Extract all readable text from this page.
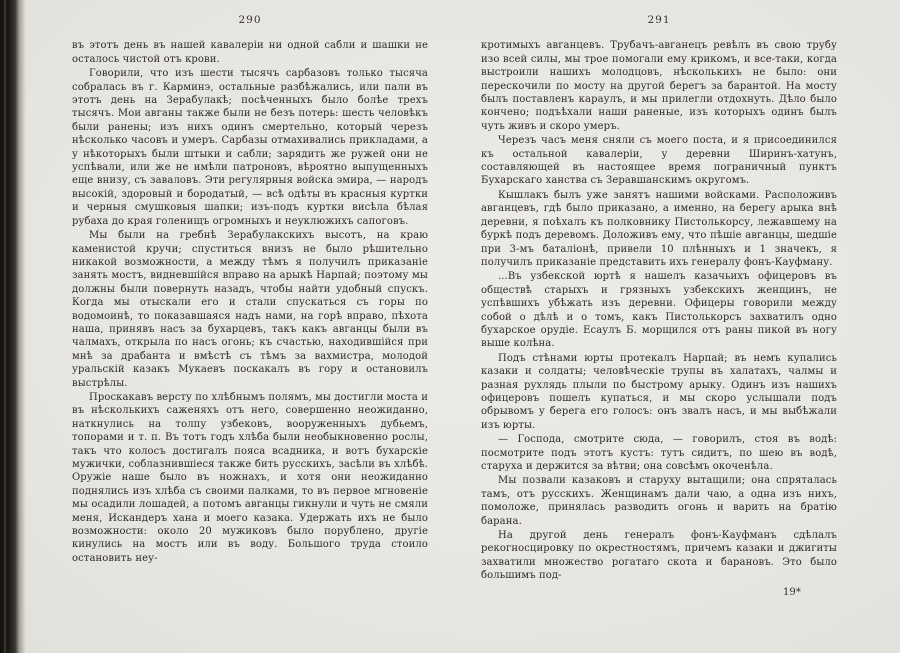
290

въ этотъ день въ нашей кавалеріи ни одной сабли и шашки не осталось чистой отъ крови.

Говорили, что изъ шести тысячъ сарбазовъ только тысяча собралась въ г. Карминэ, остальные разбѣжались, или пали въ этотъ день на Зерабулакѣ; посѣченныхъ было болѣе трехъ тысячъ. Мои авганы также были не безъ потерь: шесть человѣкъ были ранены; изъ нихъ одинъ смертельно, который черезъ нѣсколько часовъ и умеръ. Сарбазы отмахивались прикладами, а у нѣкоторыхъ были штыки и сабли; зарядить же ружей они не успѣвали, или же не имѣли патроновъ, вѣроятно выпущенныхъ еще внизу, съ заваловъ. Эти регулярныя войска эмира, — народъ высокій, здоровый и бородатый, — всѣ одѣты въ красныя куртки и черныя смушковыя шапки; изъ-подъ куртки висѣла бѣлая рубаха до края голенищъ огромныхъ и неуклюжихъ сапоговъ.

Мы были на гребнѣ Зерабулакскихъ высотъ, на краю каменистой кручи; спуститься внизъ не было рѣшительно никакой возможности, а между тѣмъ я получилъ приказаніе занять мостъ, видневшійся вправо на арыкѣ Нарпай; поэтому мы должны были повернуть назадъ, чтобы найти удобный спускъ. Когда мы отыскали его и стали спускаться съ горы по водомоинѣ, то показавшаяся надъ нами, на горѣ вправо, пѣхота наша, принявъ насъ за бухарцевъ, такъ какъ авганцы были въ чалмахъ, открыла по насъ огонь; къ счастью, находившійся при мнѣ за драбанта и вмѣстѣ съ тѣмъ за вахмистра, молодой уральскій казакъ Мукаевъ поскакалъ въ гору и остановилъ выстрѣлы.

Проскакавъ версту по хлѣбнымъ полямъ, мы достигли моста и въ нѣсколькихъ саженяхъ отъ него, совершенно неожиданно, наткнулись на толпу узбековъ, вооруженныхъ дубьемъ, топорами и т. п. Въ тотъ годъ хлѣба были необыкновенно рослы, такъ что колосъ достигалъ пояса всадника, и вотъ бухарскіе мужички, соблазнившіеся также бить русскихъ, засѣли въ хлѣбѣ. Оружіе наше было въ ножнахъ, и хотя они неожиданно поднялись изъ хлѣба съ своими палками, то въ первое мгновеніе мы осадили лошадей, а потомъ авганцы гикнули и чуть не смяли меня, Искандеръ хана и моего казака. Удержать ихъ не было возможности: около 20 мужиковъ было порублено, другіе кинулись на мостъ или въ воду. Большого труда стоило остановить неу-

291

кротимыхъ авганцевъ. Трубачъ-авганецъ ревѣлъ въ свою трубу изо всей силы, мы трое помогали ему крикомъ, и все-таки, когда выстроили нашихъ молодцовъ, нѣсколькихъ не было: они перескочили по мосту на другой берегъ за барантой. На мосту былъ поставленъ караулъ, и мы прилегли отдохнуть. Дѣло было кончено; подъѣхали наши раненые, изъ которыхъ одинъ былъ чуть живъ и скоро умеръ.

Черезъ часъ меня сняли съ моего поста, и я присоединился къ остальной кавалеріи, у деревни Ширинъ-хатунъ, составляющей въ настоящее время пограничный пунктъ Бухарскаго ханства съ Зеравшанскимъ округомъ.

Кышлакъ былъ уже занятъ нашими войсками. Расположивъ авганцевъ, гдѣ было приказано, а именно, на берегу арыка внѣ деревни, я поѣхалъ къ полковнику Пистолькорсу, лежавшему на буркѣ подъ деревомъ. Доложивъ ему, что пѣшіе авганцы, шедшіе при 3-мъ баталіонѣ, привели 10 плѣнныхъ и 1 значекъ, я получилъ приказаніе представить ихъ генералу фонъ-Кауфману.

...Въ узбекской юртѣ я нашелъ казачьихъ офицеровъ въ обществѣ старыхъ и грязныхъ узбекскихъ женщинъ, не успѣвшихъ убѣжать изъ деревни. Офицеры говорили между собой о дѣлѣ и о томъ, какъ Пистолькорсъ захватилъ одно бухарское орудіе. Есаулъ Б. морщился отъ раны пикой въ ногу выше колѣна.

Подъ стѣнами юрты протекалъ Нарпай; въ немъ купались казаки и солдаты; человѣческіе трупы въ халатахъ, чалмы и разная рухлядь плыли по быстрому арыку. Одинъ изъ нашихъ офицеровъ пошелъ купаться, и мы скоро услышали подъ обрывомъ у берега его голосъ: онъ звалъ насъ, и мы выбѣжали изъ юрты.

— Господа, смотрите сюда, — говорилъ, стоя въ водѣ: посмотрите подъ этотъ кустъ: тутъ сидитъ, по шею въ водѣ, старуха и держится за вѣтви; она совсѣмъ окоченѣла.

Мы позвали казаковъ и старуху вытащили; она спряталась тамъ, отъ русскихъ. Женщинамъ дали чаю, а одна изъ нихъ, помоложе, принялась разводить огонь и варить на братію барана.

На другой день генералъ фонъ-Кауфманъ сдѣлалъ рекогносцировку по окрестностямъ, причемъ казаки и джигиты захватили множество рогатаго скота и барановъ. Это было большимъ под-

19*
